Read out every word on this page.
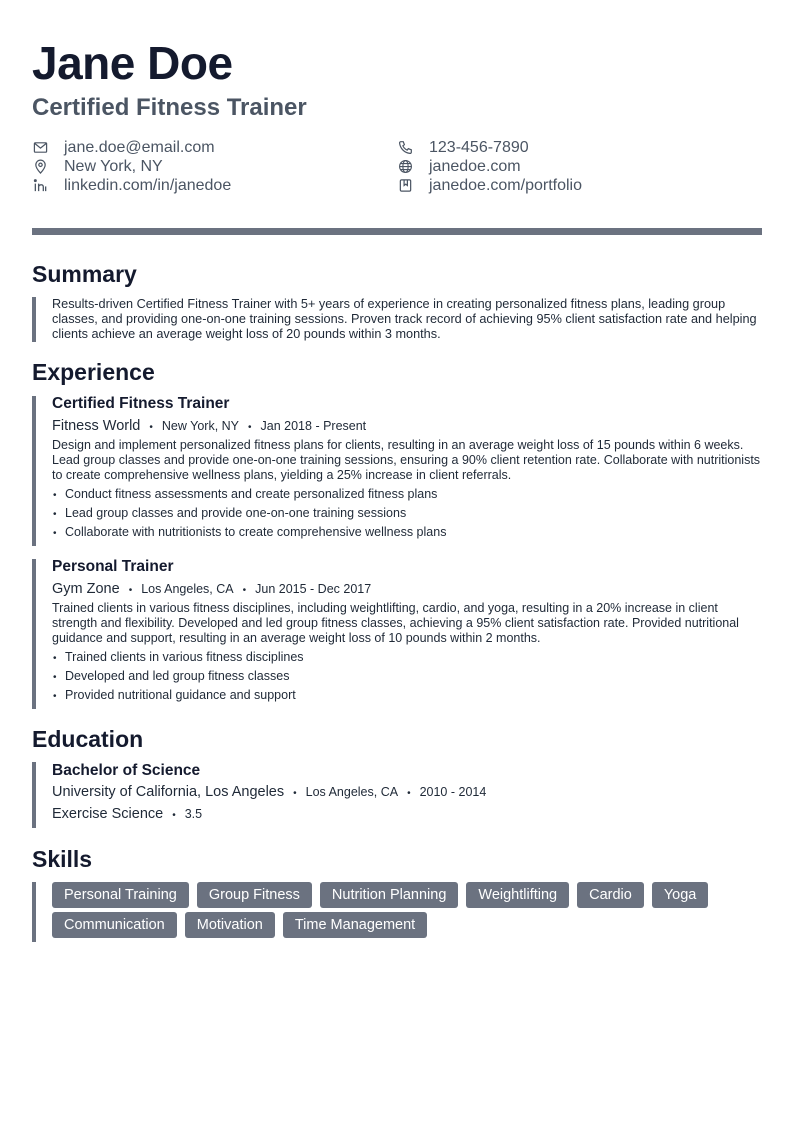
Jane Doe
Certified Fitness Trainer
jane.doe@email.com
New York, NY
linkedin.com/in/janedoe
123-456-7890
janedoe.com
janedoe.com/portfolio
Summary

Results-driven Certified Fitness Trainer with 5+ years of experience in creating personalized fitness plans, leading group classes, and providing one-on-one training sessions. Proven track record of achieving 95% client satisfaction rate and helping clients achieve an average weight loss of 20 pounds within 3 months.

Experience
Certified Fitness Trainer
Fitness World • New York, NY • Jan 2018 - Present

Design and implement personalized fitness plans for clients, resulting in an average weight loss of 15 pounds within 6 weeks. Lead group classes and provide one-on-one training sessions, ensuring a 90% client retention rate. Collaborate with nutritionists to create comprehensive wellness plans, yielding a 25% increase in client referrals.

• Conduct fitness assessments and create personalized fitness plans
• Lead group classes and provide one-on-one training sessions
• Collaborate with nutritionists to create comprehensive wellness plans
Personal Trainer
Gym Zone • Los Angeles, CA • Jun 2015 - Dec 2017

Trained clients in various fitness disciplines, including weightlifting, cardio, and yoga, resulting in a 20% increase in client strength and flexibility. Developed and led group fitness classes, achieving a 95% client satisfaction rate. Provided nutritional guidance and support, resulting in an average weight loss of 10 pounds within 2 months.

• Trained clients in various fitness disciplines
• Developed and led group fitness classes
• Provided nutritional guidance and support
Education
Bachelor of Science
University of California, Los Angeles • Los Angeles, CA • 2010 - 2014
Exercise Science • 3.5
Skills
Personal Training	Group Fitness	Nutrition Planning	Weightlifting	Cardio	Yoga
Communication	Motivation	Time Management
